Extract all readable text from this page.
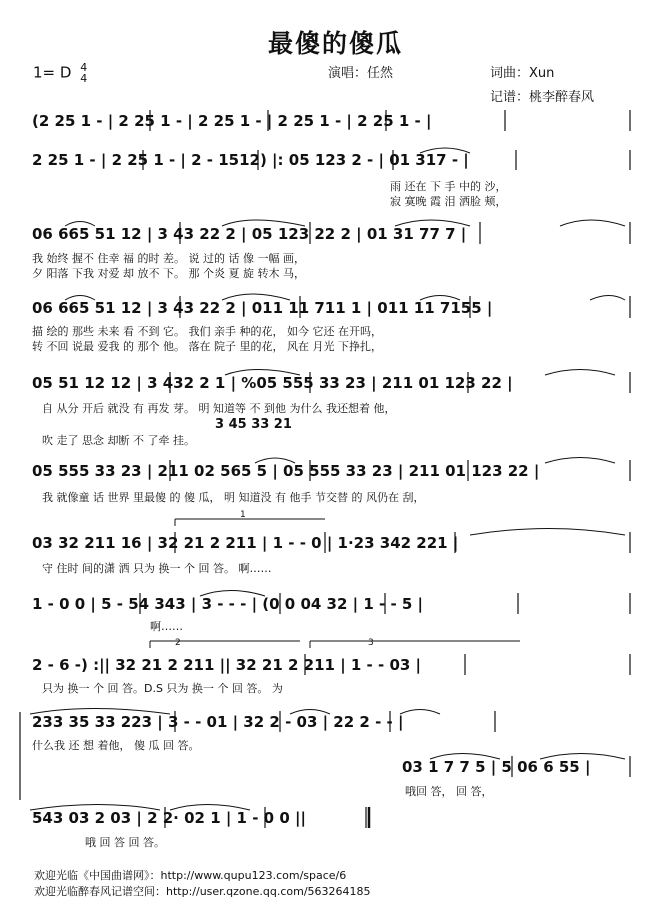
最傻的傻瓜
1= D 4
4	演唱：任然	词曲：Xun
记谱：桃李醉春风
(2 25 1 - | 2 25 1 - | 2 25 1 - | 2 25 1 - | 2 25 1 - |
2 25 1 - | 2 25 1 - | 2 - 1512) |: 05 123 2 - | 01 317 - |
雨 还在 下 手 中的 沙，
寂 寞晚 霞 泪 洒脸 颊，
06 665 51 12 | 3 43 22 2 | 05 123 22 2 | 01 31 77 7 |
我 始终 握不 住幸 福 的时 差。 说 过的 话 像 一幅 画，
夕 阳落 下我 对爱 却 放不 下。 那 个炎 夏 旋 转木 马，
06 665 51 12 | 3 43 22 2 | 011 11 711 1 | 011 11 7155 |
描 绘的 那些 未来 看 不到 它。 我们 亲手 种的花， 如今 它还 在开吗，
转 不回 说最 爱我 的 那个 他。 落在 院子 里的花， 风在 月光 下挣扎，
05 51 12 12 | 3 432 2 1 | %05 555 33 23 | 211 01 123 22 |
自 从分 开后 就没 有 再发 芽。 明 知道等 不 到他 为什么 我还想着 他，
吹 走了 思念 却断 不 了牵 挂。
3 45 33 21
05 555 33 23 | 211 02 565 5 | 05 555 33 23 | 211 01 123 22 |
我 就像童 话 世界 里最傻 的 傻 瓜， 明 知道没 有 他手 节交替 的 风仍在 刮，
1
03 32 211 16 | 32 21 2 211 | 1 - - 0 | 1·23 342 221 |
守 住时 间的潇 洒 只为 换一 个 回 答。 啊……
1 - 0 0 | 5 - 54 343 | 3 - - - | (0 0 04 32 | 1 - - 5 |
啊……
2	3
2 - 6 -) :|| 32 21 2 211 || 32 21 2 211 | 1 - - 03 |
只为 换一 个 回 答。D.S 只为 换一 个 回 答。 为
233 35 33 223 | 3 - - 01 | 32 2 - 03 | 22 2 - - |
什么我 还 想 着他， 傻 瓜 回 答。
03 1 7 7 5 | 5 06 6 55 |
哦回 答， 回 答，
543 03 2 03 | 2 2· 02 1 | 1 - 0 0 ||
哦 回 答 回 答。
欢迎光临《中国曲谱网》：http://www.qupu123.com/space/6
欢迎光临醉春风记谱空间：http://user.qzone.qq.com/563264185
